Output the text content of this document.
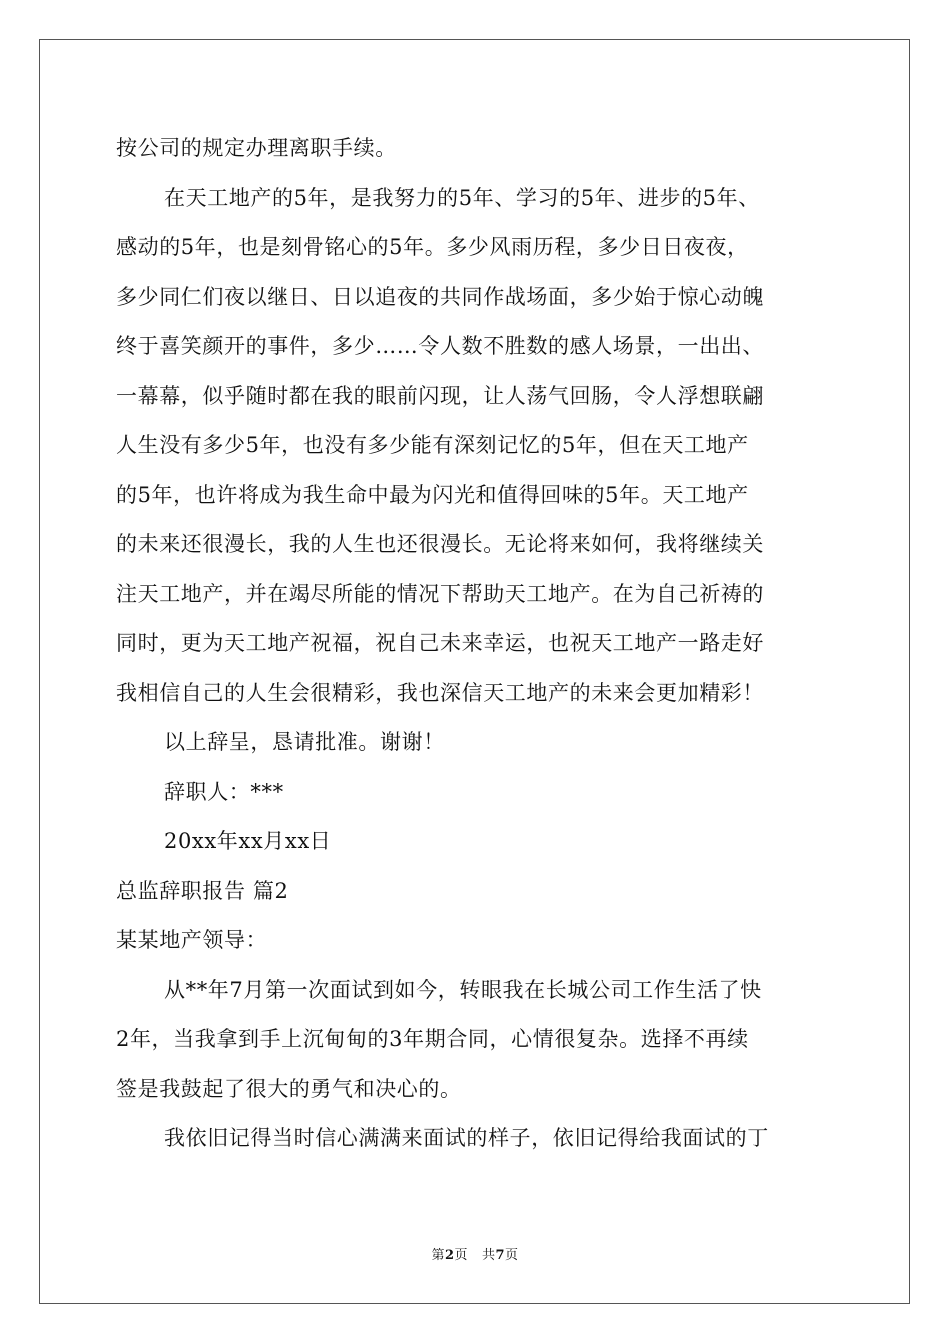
按公司的规定办理离职手续。
在天工地产的5年，是我努力的5年、学习的5年、进步的5年、
感动的5年，也是刻骨铭心的5年。多少风雨历程，多少日日夜夜，
多少同仁们夜以继日、日以追夜的共同作战场面，多少始于惊心动魄
终于喜笑颜开的事件，多少……令人数不胜数的感人场景，一出出、
一幕幕，似乎随时都在我的眼前闪现，让人荡气回肠，令人浮想联翩
人生没有多少5年，也没有多少能有深刻记忆的5年，但在天工地产
的5年，也许将成为我生命中最为闪光和值得回味的5年。天工地产
的未来还很漫长，我的人生也还很漫长。无论将来如何，我将继续关
注天工地产，并在竭尽所能的情况下帮助天工地产。在为自己祈祷的
同时，更为天工地产祝福，祝自己未来幸运，也祝天工地产一路走好
我相信自己的人生会很精彩，我也深信天工地产的未来会更加精彩！
以上辞呈，恳请批准。谢谢！
辞职人：***
20xx年xx月xx日
总监辞职报告 篇2
某某地产领导：
从**年7月第一次面试到如今，转眼我在长城公司工作生活了快
2年，当我拿到手上沉甸甸的3年期合同，心情很复杂。选择不再续
签是我鼓起了很大的勇气和决心的。
我依旧记得当时信心满满来面试的样子，依旧记得给我面试的丁
第2页 共7页
